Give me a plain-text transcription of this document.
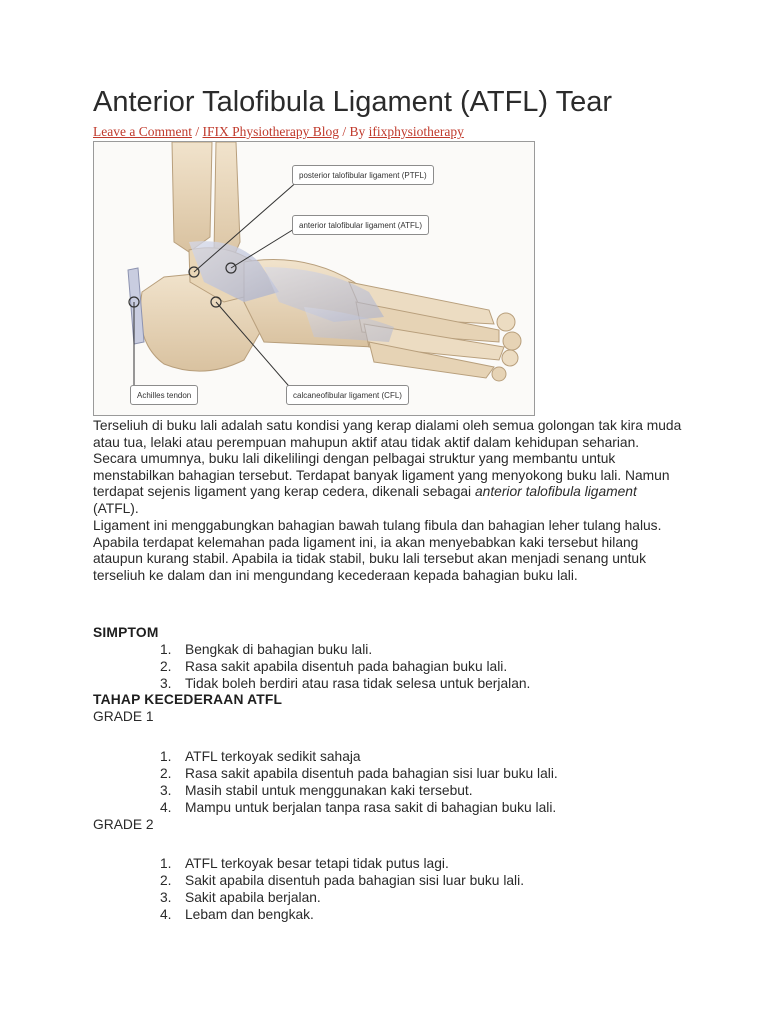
Anterior Talofibula Ligament (ATFL) Tear
Leave a Comment / IFIX Physiotherapy Blog / By ifixphysiotherapy
posterior talofibular ligament (PTFL)
anterior talofibular ligament (ATFL)
Achilles tendon	calcaneofibular ligament (CFL)

Terseliuh di buku lali adalah satu kondisi yang kerap dialami oleh semua golongan tak kira muda atau tua, lelaki atau perempuan mahupun aktif atau tidak aktif dalam kehidupan seharian. Secara umumnya, buku lali dikelilingi dengan pelbagai struktur yang membantu untuk menstabilkan bahagian tersebut. Terdapat banyak ligament yang menyokong buku lali. Namun terdapat sejenis ligament yang kerap cedera, dikenali sebagai anterior talofibula ligament (ATFL).

Ligament ini menggabungkan bahagian bawah tulang fibula dan bahagian leher tulang halus. Apabila terdapat kelemahan pada ligament ini, ia akan menyebabkan kaki tersebut hilang ataupun kurang stabil. Apabila ia tidak stabil, buku lali tersebut akan menjadi senang untuk terseliuh ke dalam dan ini mengundang kecederaan kepada bahagian buku lali.

SIMPTOM
1. Bengkak di bahagian buku lali.
2. Rasa sakit apabila disentuh pada bahagian buku lali.
3. Tidak boleh berdiri atau rasa tidak selesa untuk berjalan.
TAHAP KECEDERAAN ATFL

GRADE 1

1. ATFL terkoyak sedikit sahaja
2. Rasa sakit apabila disentuh pada bahagian sisi luar buku lali.
3. Masih stabil untuk menggunakan kaki tersebut.
4. Mampu untuk berjalan tanpa rasa sakit di bahagian buku lali.

GRADE 2

1. ATFL terkoyak besar tetapi tidak putus lagi.
2. Sakit apabila disentuh pada bahagian sisi luar buku lali.
3. Sakit apabila berjalan.
4. Lebam dan bengkak.
